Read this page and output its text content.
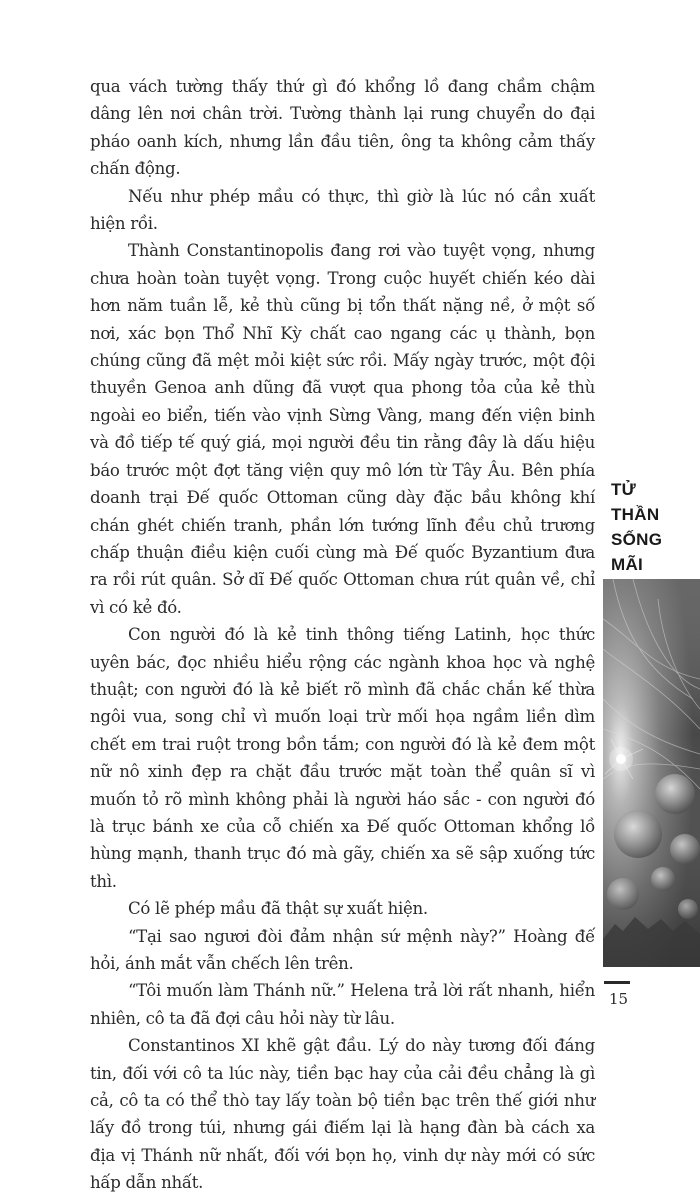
qua vách tường thấy thứ gì đó khổng lồ đang chầm chậm dâng lên nơi chân trời. Tường thành lại rung chuyển do đại pháo oanh kích, nhưng lần đầu tiên, ông ta không cảm thấy chấn động.

Nếu như phép mầu có thực, thì giờ là lúc nó cần xuất hiện rồi.

Thành Constantinopolis đang rơi vào tuyệt vọng, nhưng chưa hoàn toàn tuyệt vọng. Trong cuộc huyết chiến kéo dài hơn năm tuần lễ, kẻ thù cũng bị tổn thất nặng nề, ở một số nơi, xác bọn Thổ Nhĩ Kỳ chất cao ngang các ụ thành, bọn chúng cũng đã mệt mỏi kiệt sức rồi. Mấy ngày trước, một đội thuyền Genoa anh dũng đã vượt qua phong tỏa của kẻ thù ngoài eo biển, tiến vào vịnh Sừng Vàng, mang đến viện binh và đồ tiếp tế quý giá, mọi người đều tin rằng đây là dấu hiệu báo trước một đợt tăng viện quy mô lớn từ Tây Âu. Bên phía doanh trại Đế quốc Ottoman cũng dày đặc bầu không khí chán ghét chiến tranh, phần lớn tướng lĩnh đều chủ trương chấp thuận điều kiện cuối cùng mà Đế quốc Byzantium đưa ra rồi rút quân. Sở dĩ Đế quốc Ottoman chưa rút quân về, chỉ vì có kẻ đó.

Con người đó là kẻ tinh thông tiếng Latinh, học thức uyên bác, đọc nhiều hiểu rộng các ngành khoa học và nghệ thuật; con người đó là kẻ biết rõ mình đã chắc chắn kế thừa ngôi vua, song chỉ vì muốn loại trừ mối họa ngầm liền dìm chết em trai ruột trong bồn tắm; con người đó là kẻ đem một nữ nô xinh đẹp ra chặt đầu trước mặt toàn thể quân sĩ vì muốn tỏ rõ mình không phải là người háo sắc - con người đó là trục bánh xe của cỗ chiến xa Đế quốc Ottoman khổng lồ hùng mạnh, thanh trục đó mà gãy, chiến xa sẽ sập xuống tức thì.

Có lẽ phép mầu đã thật sự xuất hiện.

“Tại sao ngươi đòi đảm nhận sứ mệnh này?” Hoàng đế hỏi, ánh mắt vẫn chếch lên trên.

“Tôi muốn làm Thánh nữ.” Helena trả lời rất nhanh, hiển nhiên, cô ta đã đợi câu hỏi này từ lâu.

Constantinos XI khẽ gật đầu. Lý do này tương đối đáng tin, đối với cô ta lúc này, tiền bạc hay của cải đều chẳng là gì cả, cô ta có thể thò tay lấy toàn bộ tiền bạc trên thế giới như lấy đồ trong túi, nhưng gái điếm lại là hạng đàn bà cách xa địa vị Thánh nữ nhất, đối với bọn họ, vinh dự này mới có sức hấp dẫn nhất.

TỬ
THẦN
SỐNG
MÃI
15
